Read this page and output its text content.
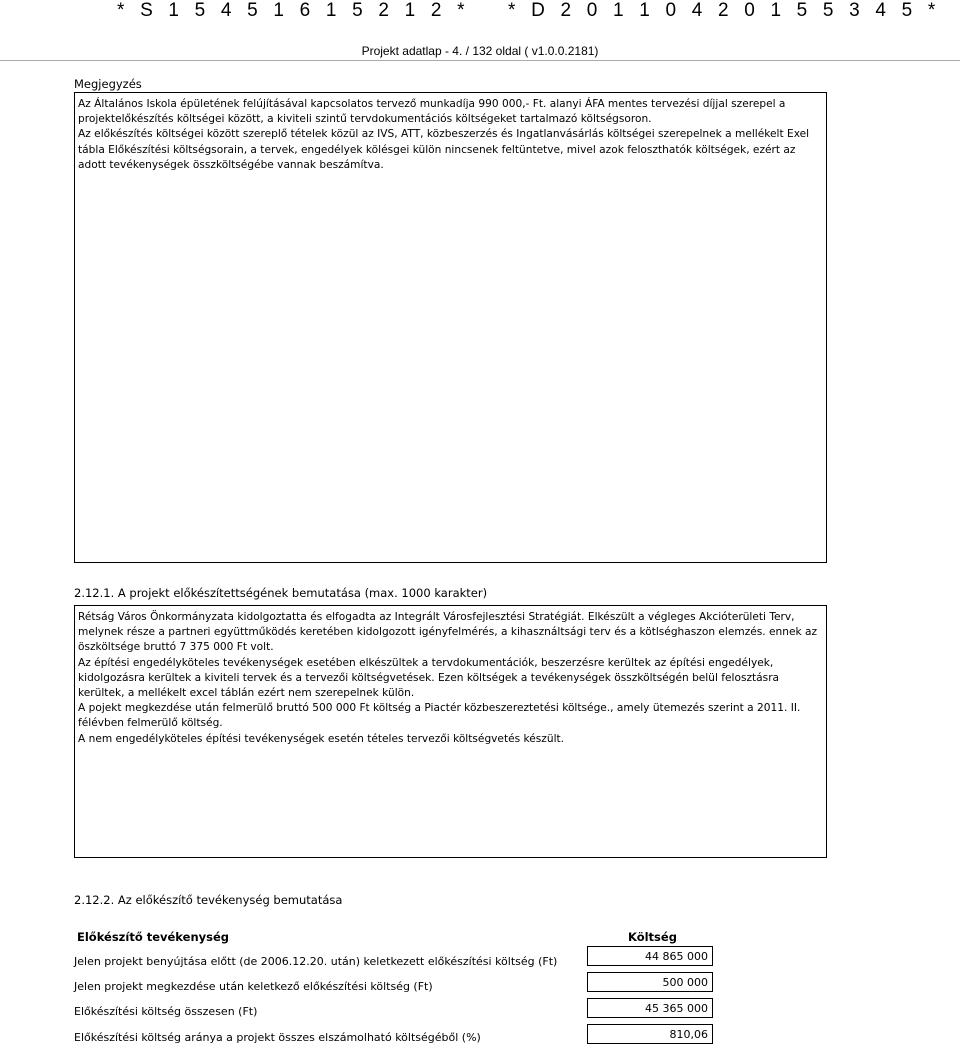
* S 1 5 4 5 1 6 1 5 2 1 2 * * D 2 0 1 1 0 4 2 0 1 5 5 3 4 5 *
Projekt adatlap - 4. / 132 oldal ( v1.0.0.2181)
Megjegyzés

Az Általános Iskola épületének felújításával kapcsolatos tervező munkadíja 990 000,- Ft. alanyi ÁFA mentes tervezési díjjal szerepel a projektelőkészítés költségei között, a kiviteli szintű tervdokumentációs költségeket tartalmazó költségsoron.

Az előkészítés költségei között szereplő tételek közül az IVS, ATT, közbeszerzés és Ingatlanvásárlás költségei szerepelnek a mellékelt Exel tábla Előkészítési költségsorain, a tervek, engedélyek kölésgei külön nincsenek feltüntetve, mivel azok feloszthatók költségek, ezért az adott tevékenységek összköltségébe vannak beszámítva.

2.12.1. A projekt előkészítettségének bemutatása (max. 1000 karakter)

Rétság Város Önkormányzata kidolgoztatta és elfogadta az Integrált Városfejlesztési Stratégiát. Elkészült a végleges Akcióterületi Terv, melynek része a partneri együttműködés keretében kidolgozott igényfelmérés, a kihasználtsági terv és a kötlséghaszon elemzés. ennek az öszköltsége bruttó 7 375 000 Ft volt.

Az építési engedélyköteles tevékenységek esetében elkészültek a tervdokumentációk, beszerzésre kerültek az építési engedélyek, kidolgozásra kerültek a kiviteli tervek és a tervezői költségvetések. Ezen költségek a tevékenységek összköltségén belül felosztásra kerültek, a mellékelt excel táblán ezért nem szerepelnek külön.

A pojekt megkezdése után felmerülő bruttó 500 000 Ft költség a Piactér közbeszereztetési költsége., amely ütemezés szerint a 2011. II. félévben felmerülő költség.

A nem engedélyköteles építési tevékenységek esetén tételes tervezői költségvetés készült.

2.12.2. Az előkészítő tevékenység bemutatása
Előkészítő tevékenység	Költség
Jelen projekt benyújtása előtt (de 2006.12.20. után) keletkezett előkészítési költség (Ft)	44 865 000
Jelen projekt megkezdése után keletkező előkészítési költség (Ft)	500 000
Előkészítési költség összesen (Ft)	45 365 000
Előkészítési költség aránya a projekt összes elszámolható költségéből (%)	810,06
